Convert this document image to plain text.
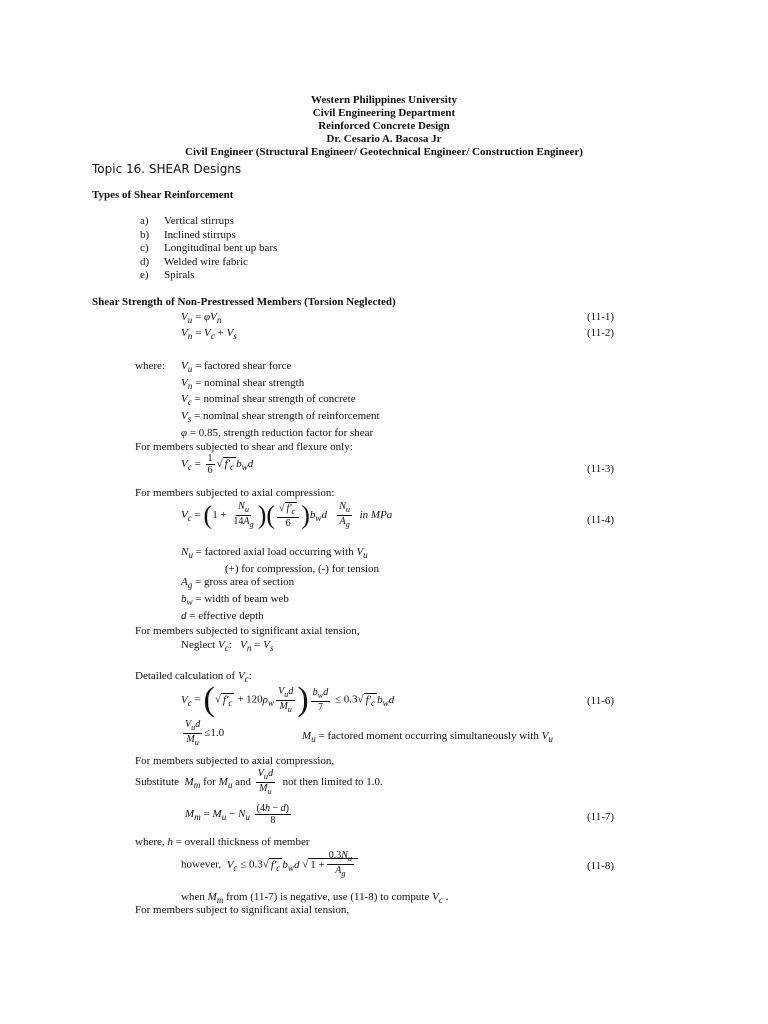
Western Philippines University
Civil Engineering Department
Reinforced Concrete Design
Dr. Cesario A. Bacosa Jr
Civil Engineer (Structural Engineer/ Geotechnical Engineer/ Construction Engineer)
Topic 16. SHEAR Designs
Types of Shear Reinforcement
a) Vertical stirrups
b) Inclined stirrups
c) Longitudinal bent up bars
d) Welded wire fabric
e) Spirals
Shear Strength of Non-Prestressed Members (Torsion Neglected)
$V_u = \varphi V_n$	(11-1)
$V_n = V_c + V_s$	(11-2)
where: $V_u$ = factored shear force
$V_n$ = nominal shear strength
$V_c$ = nominal shear strength of concrete
$V_s$ = nominal shear strength of reinforcement
φ = 0.85, strength reduction factor for shear
For members subjected to shear and flexure only:
$V_c = \frac{1}{6}$ √ $f'_c$ $b_wd$	(11-3)
For members subjected to axial compression:
$V_c = (1 + \frac{N_u}{14A_g}$ )( $\frac{√ f'_c}{6} )b_wd \frac{N_u}{A_g}$ in MPa	(11-4)
$N_u$ = factored axial load occurring with $V_u$
(+) for compression, (-) for tension
$A_g$ = gross area of section
$b_w$ = width of beam web
d = effective depth
For members subjected to significant axial tension,
Neglect $V_c$:   $V_n = V_s$
Detailed calculation of $V_c$:
$V_c$ = (√ $f'_c + 120\rho_w \frac{V_ud}{M_u}$ ) $\frac{b_wd}{7} \le 0.3√$ $f'_c$ $b_wd$	(11-6)
$\frac{V_ud}{M_u} \le 1.0$	$M_u$ = factored moment occurring simultaneously with $V_u$
For members subjected to axial compression,
Substitute $M_m$ for $M_u$ and $\frac{V_ud}{M_u}$ not then limited to 1.0.
$M_m = M_u - N_u \frac{(4h - d)}{8}$	(11-7)
where, h = overall thickness of member
however, $V_c \le 0.3√$ $f'_c$ $b_wd$ √ $1 + \frac{0.3N_u}{A_g}$	(11-8)
when $M_m$ from (11-7) is negative, use (11-8) to compute $V_c$ .
For members subject to significant axial tension,
